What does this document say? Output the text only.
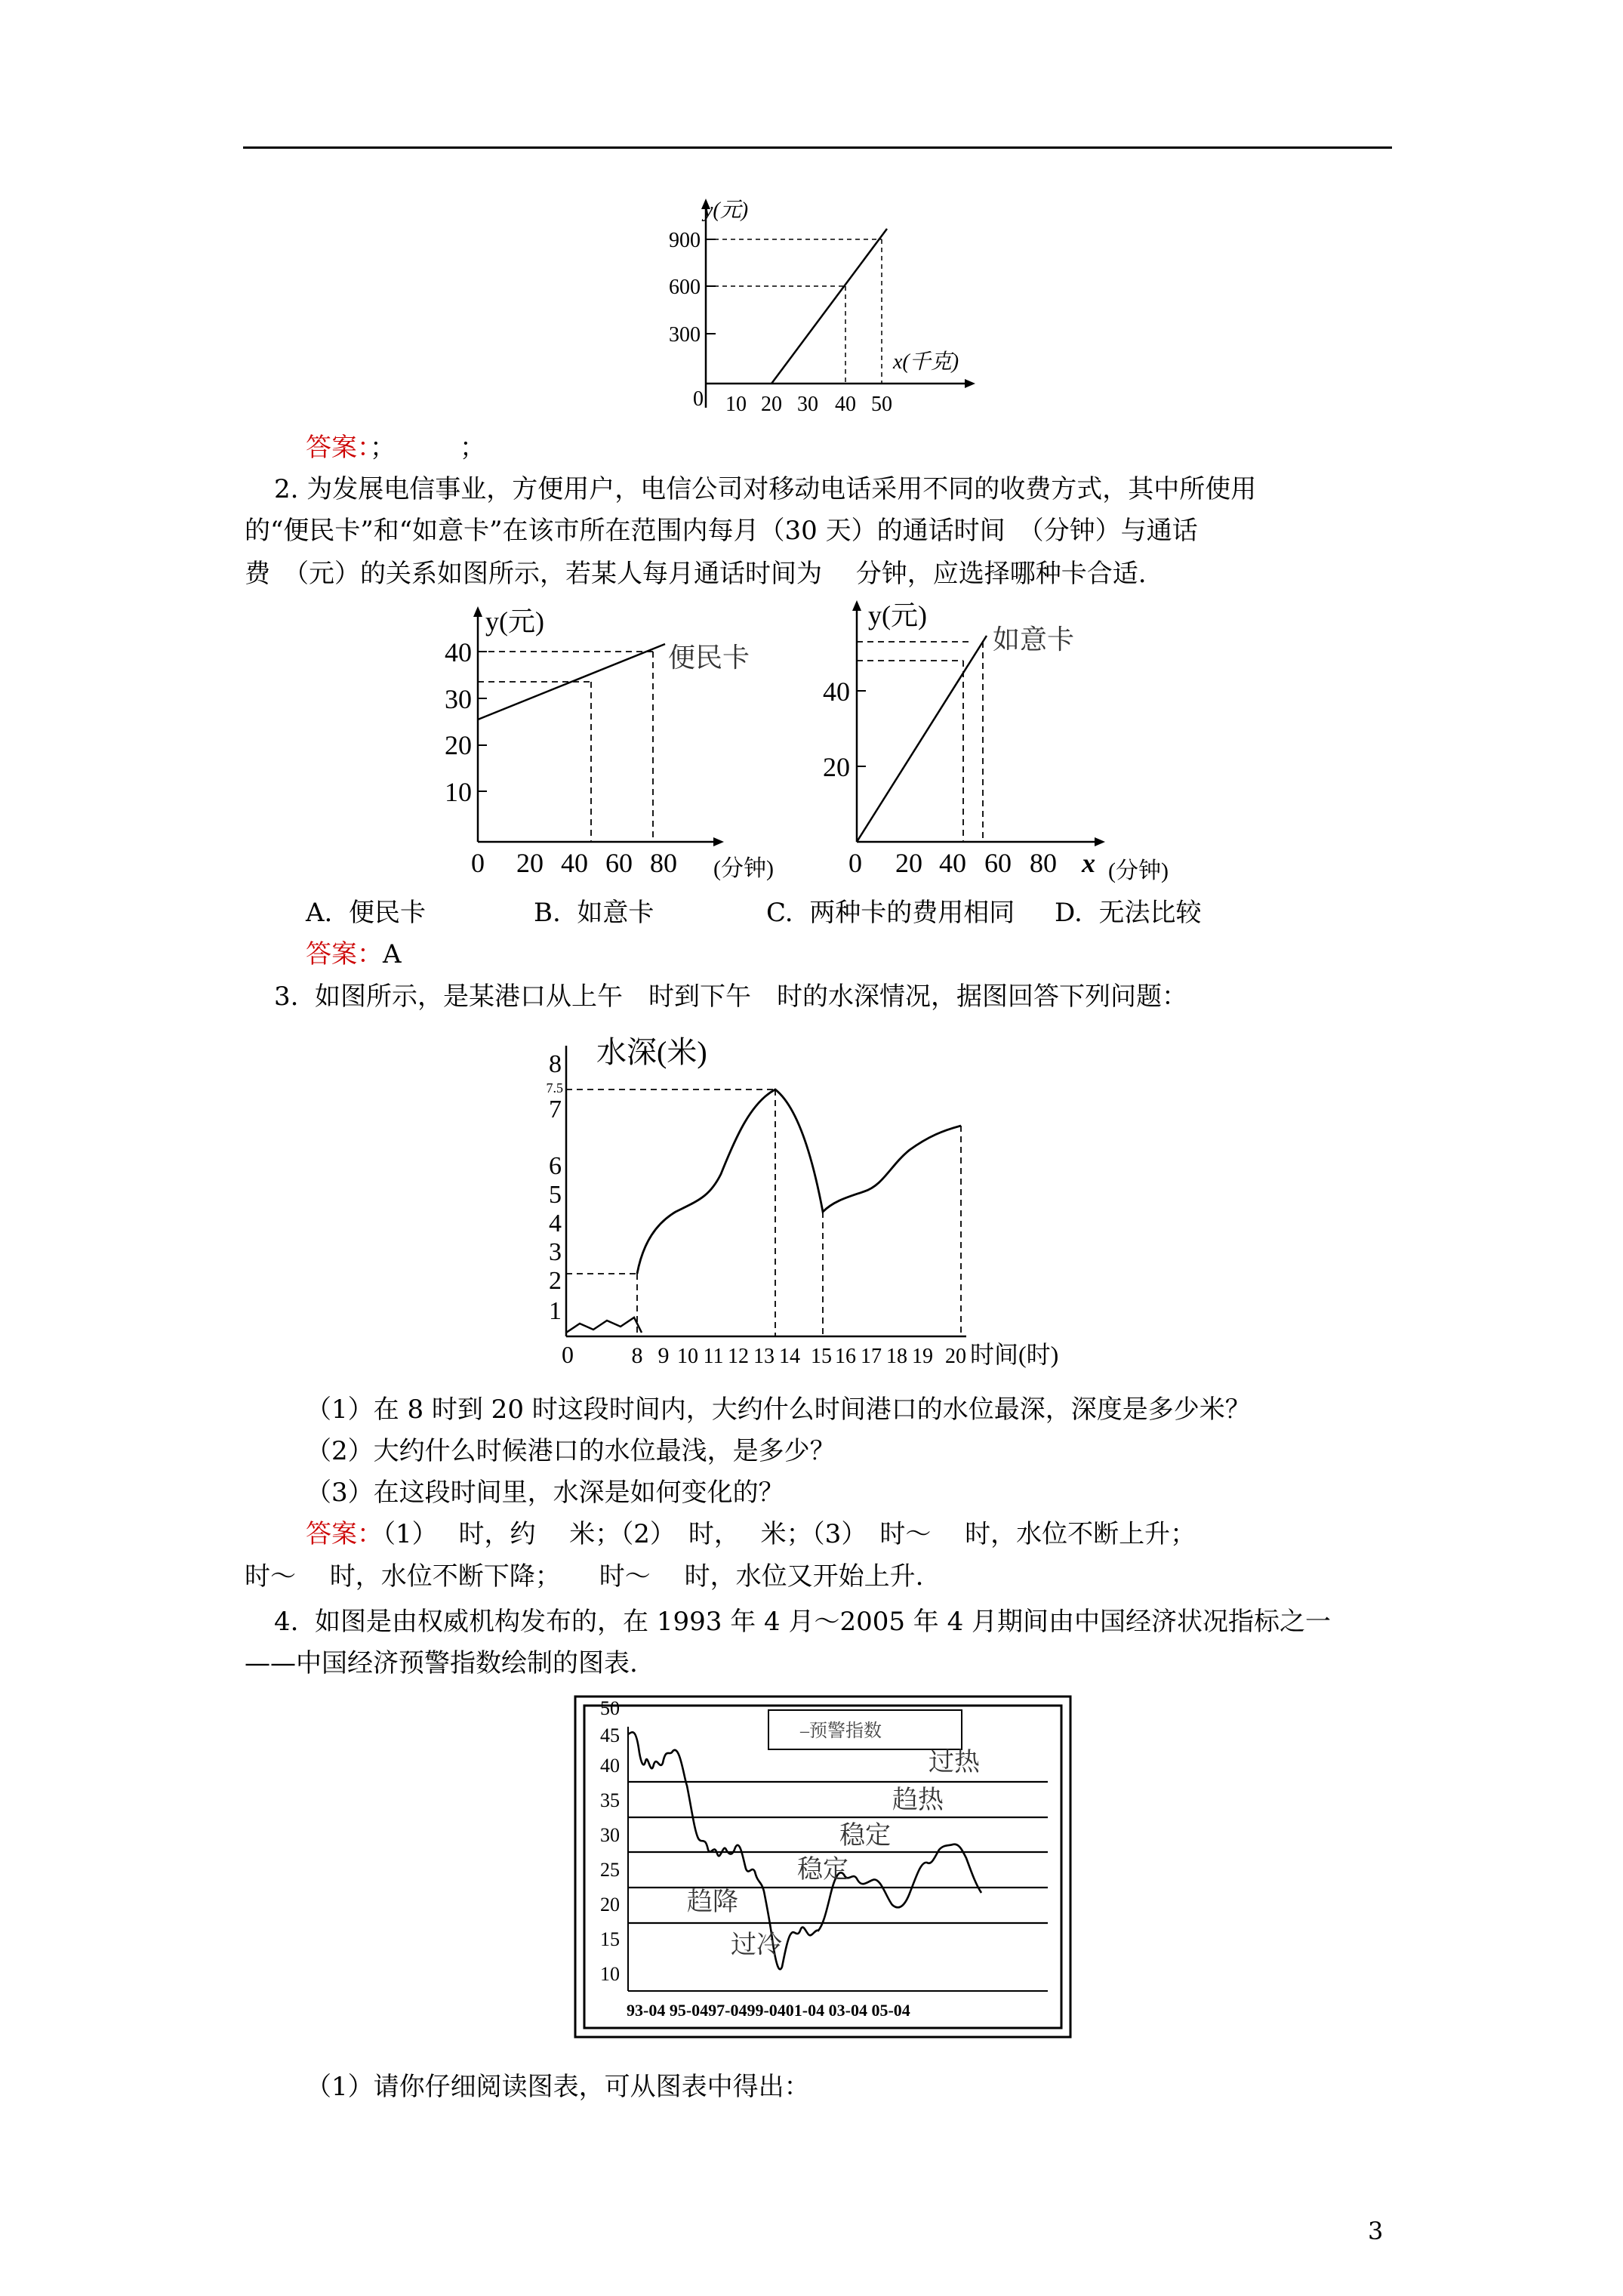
y(元)
300
600
900
0 10 20 30 40 50
x(千克)
答案：；　　　；
2. 为发展电信事业，方便用户，电信公司对移动电话采用不同的收费方式，其中所使用
的“便民卡”和“如意卡”在该市所在范围内每月（30 天）的通话时间　（分钟）与通话
费　（元）的关系如图所示，若某人每月通话时间为　 分钟，应选择哪种卡合适.
y(元)
便民卡
10
20
30
40
0 20 40 60 80 (分钟)
y(元)
如意卡
20
40
0 20 40 60 80 x (分钟)
A.  便民卡	B.  如意卡	C.  两种卡的费用相同 D.  无法比较
答案：A
3.  如图所示，是某港口从上午　时到下午　时的水深情况，据图回答下列问题：
水深(米)
1
2
3
4
5
6
7
8
7.5
0	8 9 10 11 12 13 14 15 16 17 18 19 20 时间(时)
（1）在 8 时到 20 时这段时间内，大约什么时间港口的水位最深，深度是多少米？
（2）大约什么时候港口的水位最浅，是多少？
（3）在这段时间里，水深是如何变化的？
答案：（1）　 时，约　 米；（2）　时，　 米；（3）　时～　 时，水位不断上升；
时～　 时，水位不断下降；　　时～　 时，水位又开始上升.
4.  如图是由权威机构发布的，在 1993 年 4 月～2005 年 4 月期间由中国经济状况指标之一
——中国经济预警指数绘制的图表.
50
45
40
35
30
25
20
15
10
93-04 95-0497-0499-0401-04 03-04 05-04
–预警指数
过热
趋热
稳定
稳定
趋降
过冷
（1）请你仔细阅读图表，可从图表中得出：
3
